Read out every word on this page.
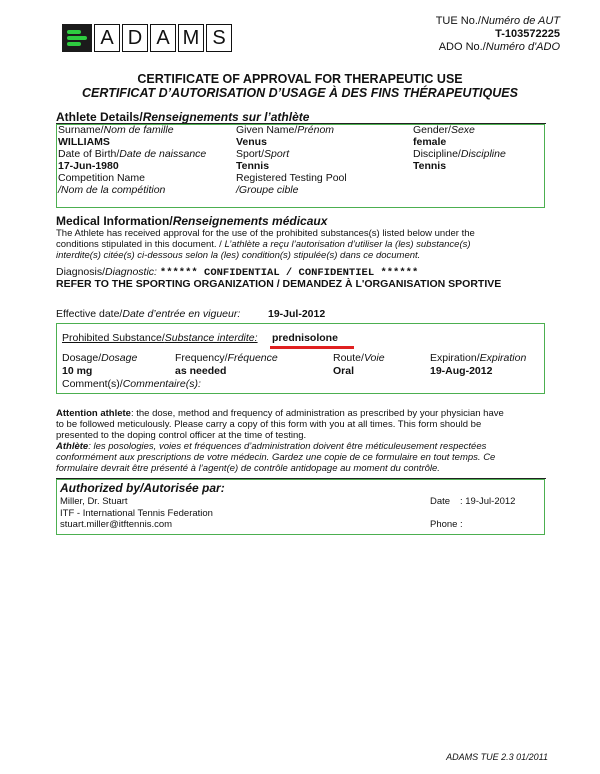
A D A M S
TUE No./Numéro de AUT
T-103572225
ADO No./Numéro d'ADO
CERTIFICATE OF APPROVAL FOR THERAPEUTIC USE
CERTIFICAT D’AUTORISATION D’USAGE À DES FINS THÉRAPEUTIQUES
Athlete Details/Renseignements sur l’athlète
Surname/Nom de famille
WILLIAMS
Given Name/Prénom
Venus
Gender/Sexe
female
Date of Birth/Date de naissance
17-Jun-1980
Sport/Sport
Tennis
Discipline/Discipline
Tennis
Competition Name
/Nom de la compétition
Registered Testing Pool
/Groupe cible
Medical Information/Renseignements médicaux
The Athlete has received approval for the use of the prohibited substances(s) listed below under the
conditions stipulated in this document. / L’athlète a reçu l’autorisation d’utiliser la (les) substance(s)
interdite(s) citée(s) ci-dessous selon la (les) condition(s) stipulée(s) dans ce document.
Diagnosis/Diagnostic: ****** CONFIDENTIAL / CONFIDENTIEL ******
REFER TO THE SPORTING ORGANIZATION / DEMANDEZ À L'ORGANISATION SPORTIVE
Effective date/Date d’entrée en vigueur:	19-Jul-2012
Prohibited Substance/Substance interdite: prednisolone
Dosage/Dosage
10 mg
Frequency/Fréquence
as needed
Route/Voie
Oral
Expiration/Expiration
19-Aug-2012
Comment(s)/Commentaire(s):
Attention athlete: the dose, method and frequency of administration as prescribed by your physician have
to be followed meticulously. Please carry a copy of this form with you at all times. This form should be
presented to the doping control officer at the time of testing.
Athlète: les posologies, voies et fréquences d’administration doivent être méticuleusement respectées
conformément aux prescriptions de votre médecin. Gardez une copie de ce formulaire en tout temps. Ce
formulaire devrait être présenté à l’agent(e) de contrôle antidopage au moment du contrôle.
Authorized by/Autorisée par:
Miller, Dr. Stuart
ITF - International Tennis Federation
stuart.miller@itftennis.com
Date : 19-Jul-2012
Phone :
ADAMS TUE 2.3 01/2011
